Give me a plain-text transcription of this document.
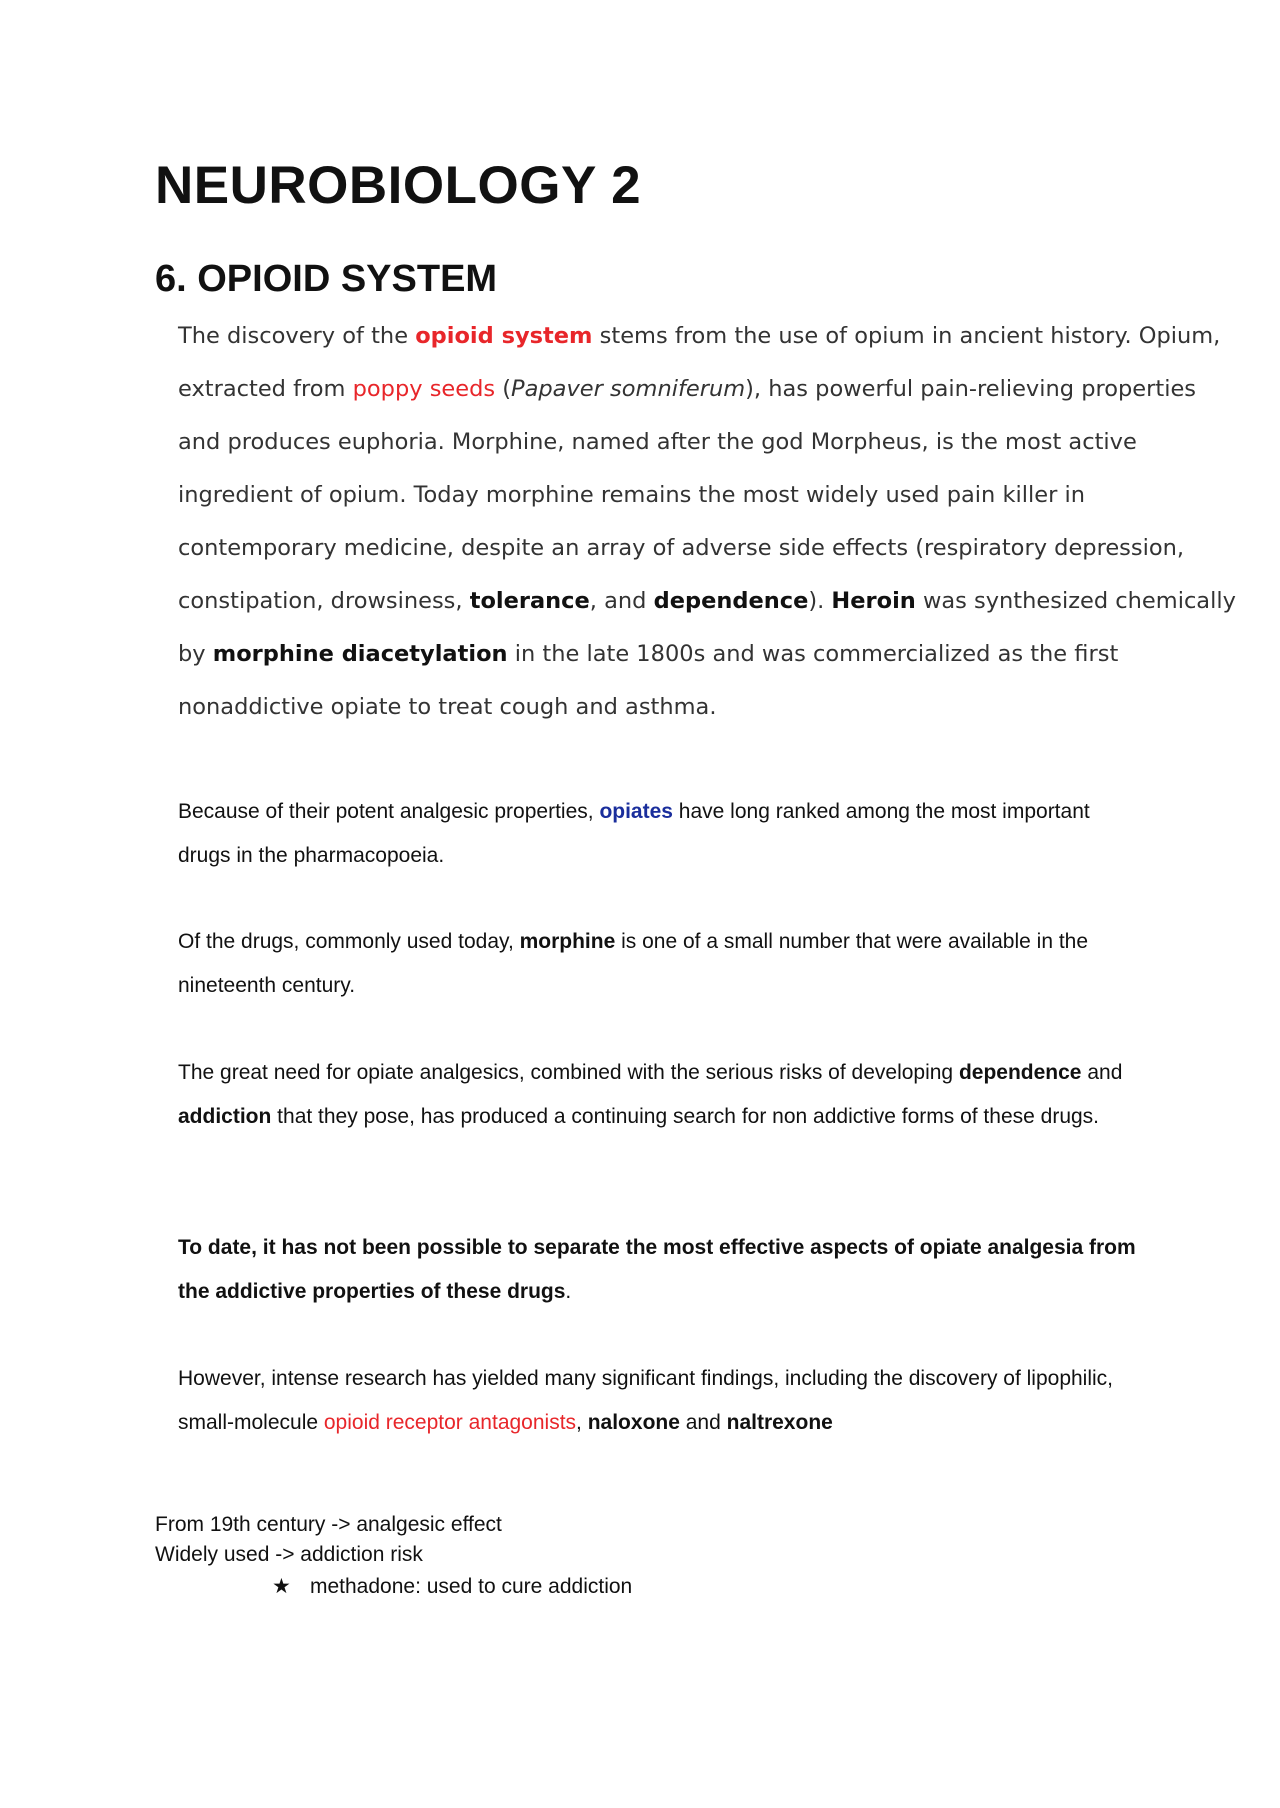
NEUROBIOLOGY 2
6. OPIOID SYSTEM

The discovery of the opioid system stems from the use of opium in ancient history. Opium, extracted from poppy seeds (Papaver somniferum), has powerful pain-relieving properties and produces euphoria. Morphine, named after the god Morpheus, is the most active ingredient of opium. Today morphine remains the most widely used pain killer in contemporary medicine, despite an array of adverse side effects (respiratory depression, constipation, drowsiness, tolerance, and dependence). Heroin was synthesized chemically by morphine diacetylation in the late 1800s and was commercialized as the first nonaddictive opiate to treat cough and asthma.

Because of their potent analgesic properties, opiates have long ranked among the most important drugs in the pharmacopoeia.

Of the drugs, commonly used today, morphine is one of a small number that were available in the nineteenth century.

The great need for opiate analgesics, combined with the serious risks of developing dependence and addiction that they pose, has produced a continuing search for non addictive forms of these drugs.

To date, it has not been possible to separate the most effective aspects of opiate analgesia from the addictive properties of these drugs.

However, intense research has yielded many significant findings, including the discovery of lipophilic, small-molecule opioid receptor antagonists, naloxone and naltrexone

From 19th century -> analgesic effect
Widely used -> addiction risk
★ methadone: used to cure addiction
